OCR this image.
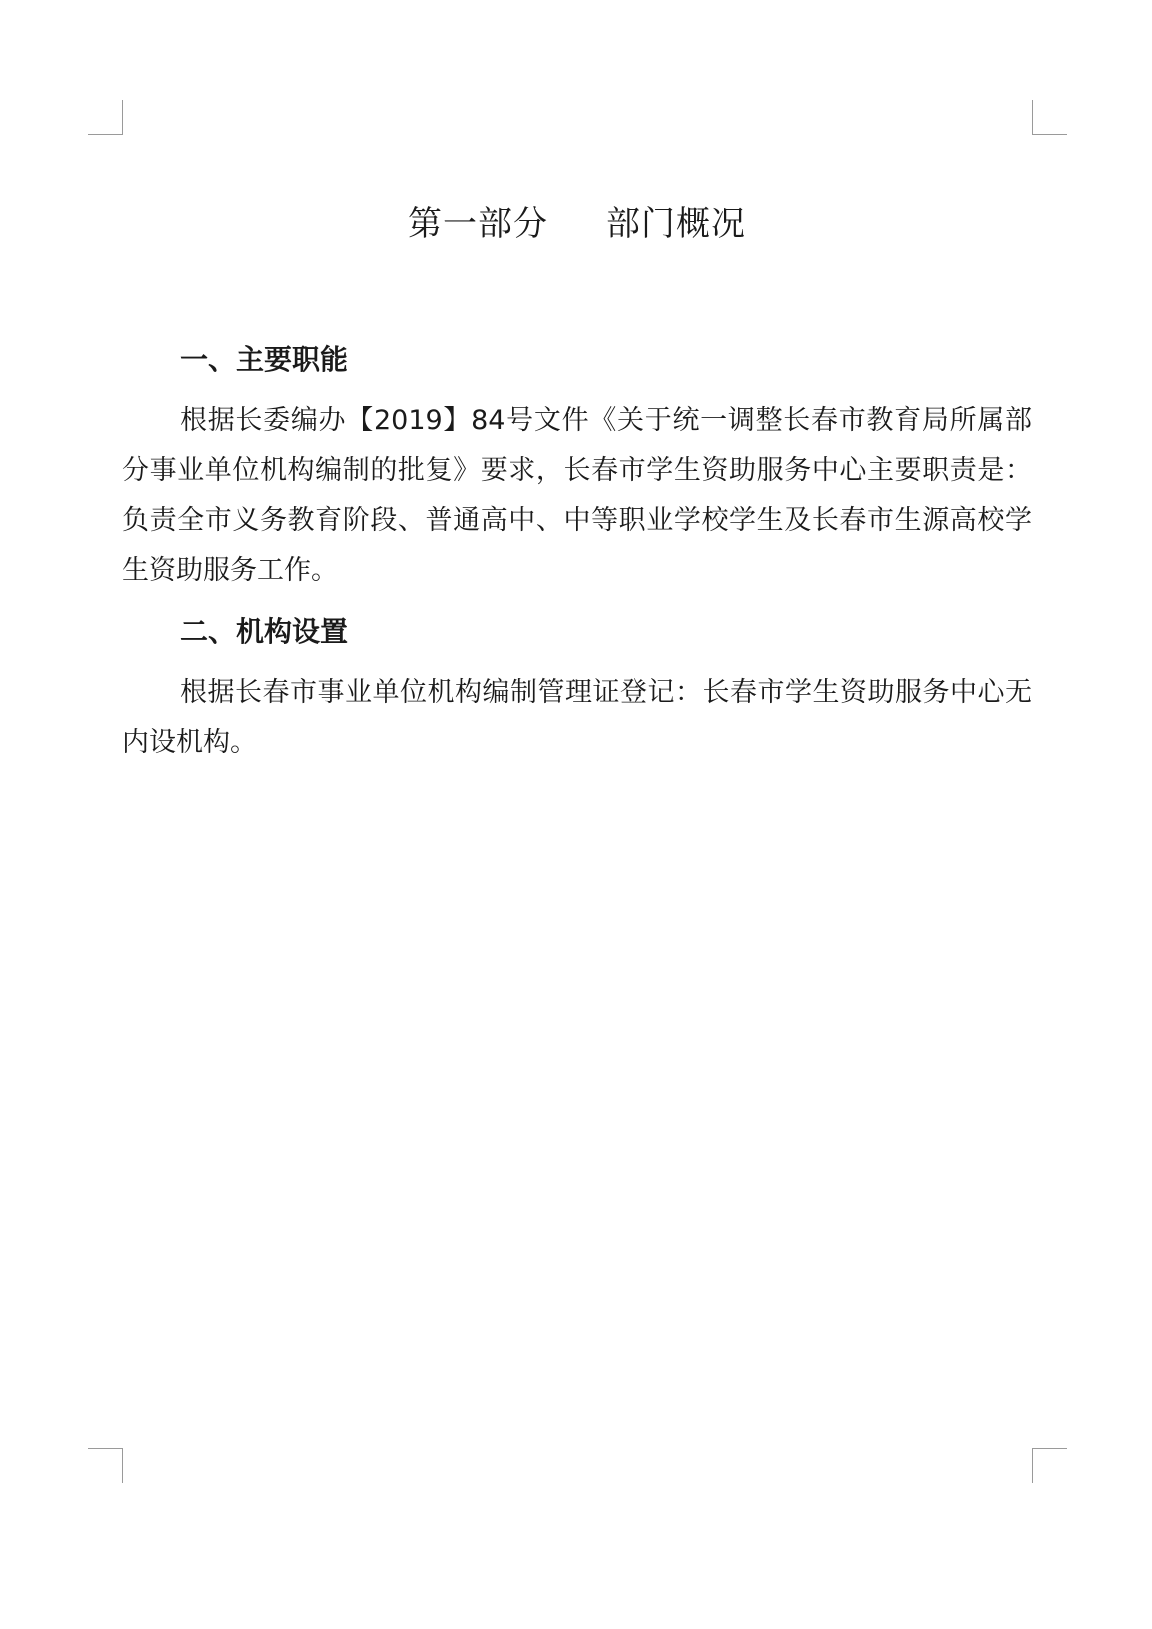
第一部分 部门概况
一、主要职能

根据长委编办【2019】84号文件《关于统一调整长春市教育局所属部分事业单位机构编制的批复》要求，长春市学生资助服务中心主要职责是：负责全市义务教育阶段、普通高中、中等职业学校学生及长春市生源高校学生资助服务工作。

二、机构设置

根据长春市事业单位机构编制管理证登记：长春市学生资助服务中心无内设机构。
